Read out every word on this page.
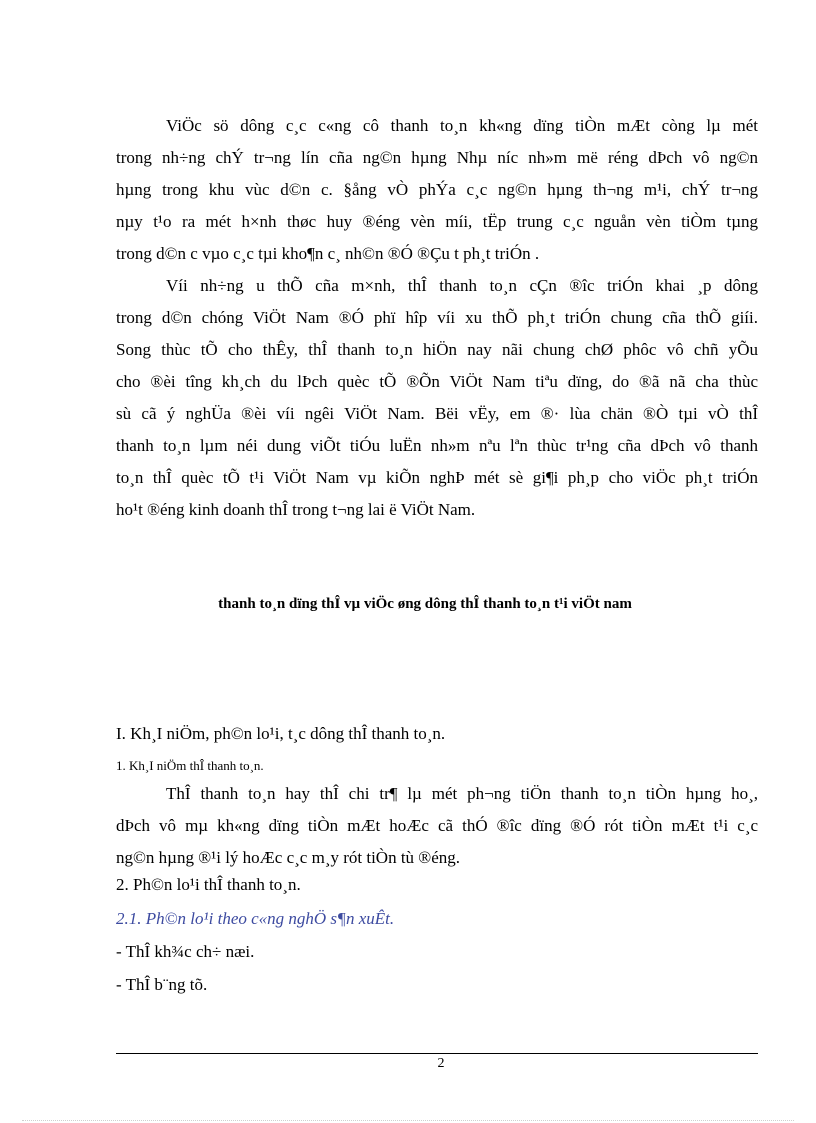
ViÖc sö dông c¸c c«ng cô thanh to¸n kh«ng dïng tiÒn mÆt còng lµ mét
trong nh÷ng chÝ tr¬ng lín cña ng©n hµng Nhµ níc nh»m më réng dÞch vô ng©n
hµng trong khu vùc d©n c. §ång vÒ phÝa c¸c ng©n hµng th¬ng m¹i, chÝ tr¬ng
nµy t¹o ra mét h×nh thøc huy ®éng vèn míi, tËp trung c¸c nguån vèn tiÒm tµng
trong d©n c vµo c¸c tµi kho¶n c¸ nh©n ®Ó ®Çu t ph¸t triÓn .

Víi nh÷ng u thÕ cña m×nh, thÎ thanh to¸n cÇn ®îc triÓn khai ¸p dông
trong d©n chóng ViÖt Nam ®Ó phï hîp víi xu thÕ ph¸t triÓn chung cña thÕ giíi.
Song thùc tÕ cho thÊy, thÎ thanh to¸n hiÖn nay nãi chung chØ phôc vô chñ yÕu
cho ®èi tîng kh¸ch du lÞch quèc tÕ ®Õn ViÖt Nam tiªu dïng, do ®ã nã cha thùc
sù cã ý nghÜa ®èi víi ngêi ViÖt Nam. Bëi vËy, em ®· lùa chän ®Ò tµi vÒ thÎ
thanh to¸n lµm néi dung viÕt tiÓu luËn nh»m nªu lªn thùc tr¹ng cña dÞch vô thanh
to¸n thÎ quèc tÕ t¹i ViÖt Nam vµ kiÕn nghÞ mét sè gi¶i ph¸p cho viÖc ph¸t triÓn
ho¹t ®éng kinh doanh thÎ trong t¬ng lai ë ViÖt Nam.

thanh to¸n dïng thÎ vµ viÖc øng dông thÎ thanh to¸n t¹i viÖt nam
I. Kh¸I niÖm, ph©n lo¹i, t¸c dông thÎ thanh to¸n.
1. Kh¸I niÖm thÎ thanh to¸n.
ThÎ thanh to¸n hay thÎ chi tr¶ lµ mét ph¬ng tiÖn thanh to¸n tiÒn hµng ho¸,
dÞch vô mµ kh«ng dïng tiÒn mÆt hoÆc cã thÓ ®îc dïng ®Ó rót tiÒn mÆt t¹i c¸c
ng©n hµng ®¹i lý hoÆc c¸c m¸y rót tiÒn tù ®éng.
2. Ph©n lo¹i thÎ thanh to¸n.
2.1. Ph©n lo¹i theo c«ng nghÖ s¶n xuÊt.
- ThÎ kh¾c ch÷ næi.
- ThÎ b¨ng tõ.
2
